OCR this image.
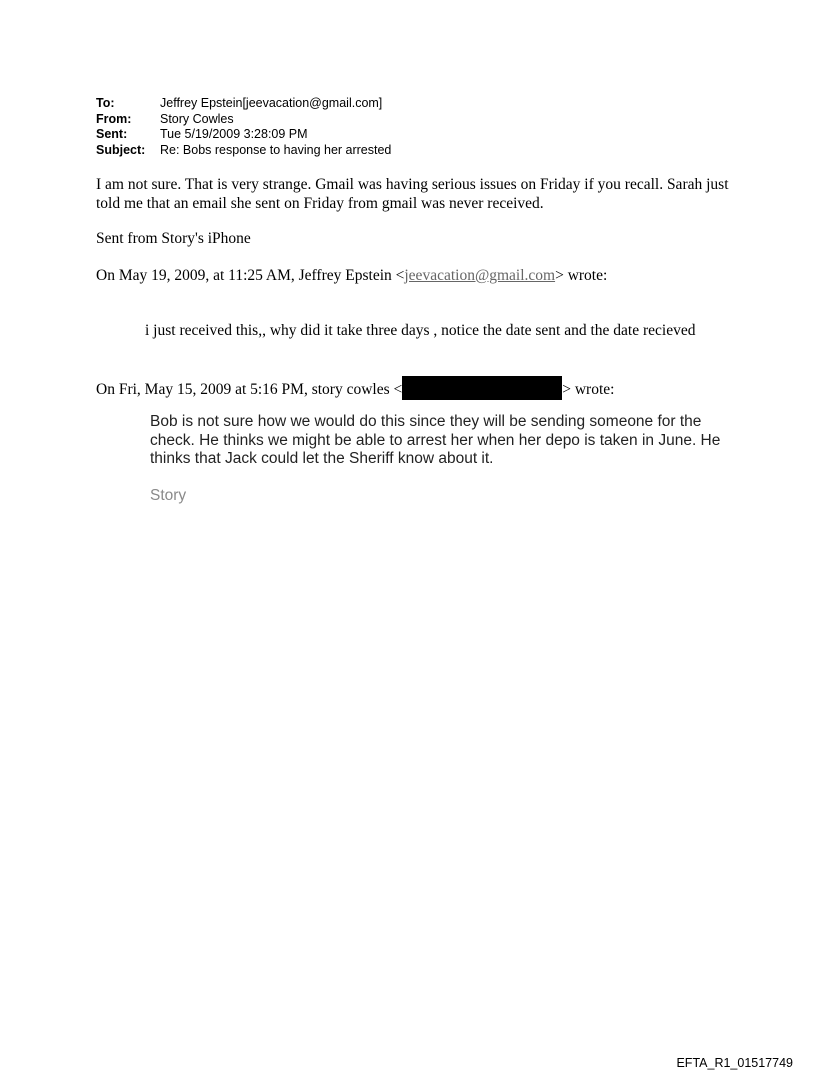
To:	Jeffrey Epstein[jeevacation@gmail.com]
From:	Story Cowles
Sent:	Tue 5/19/2009 3:28:09 PM
Subject:	Re: Bobs response to having her arrested
I am not sure. That is very strange. Gmail was having serious issues on Friday if you recall. Sarah just told me that an email she sent on Friday from gmail was never received.
Sent from Story's iPhone
On May 19, 2009, at 11:25 AM, Jeffrey Epstein <jeevacation@gmail.com> wrote:
i just received this,, why did it take three days , notice the date sent and the date recieved
On Fri, May 15, 2009 at 5:16 PM, story cowles <	> wrote:
Bob is not sure how we would do this since they will be sending someone for the check. He thinks we might be able to arrest her when her depo is taken in June. He thinks that Jack could let the Sheriff know about it.
Story
EFTA_R1_01517749
